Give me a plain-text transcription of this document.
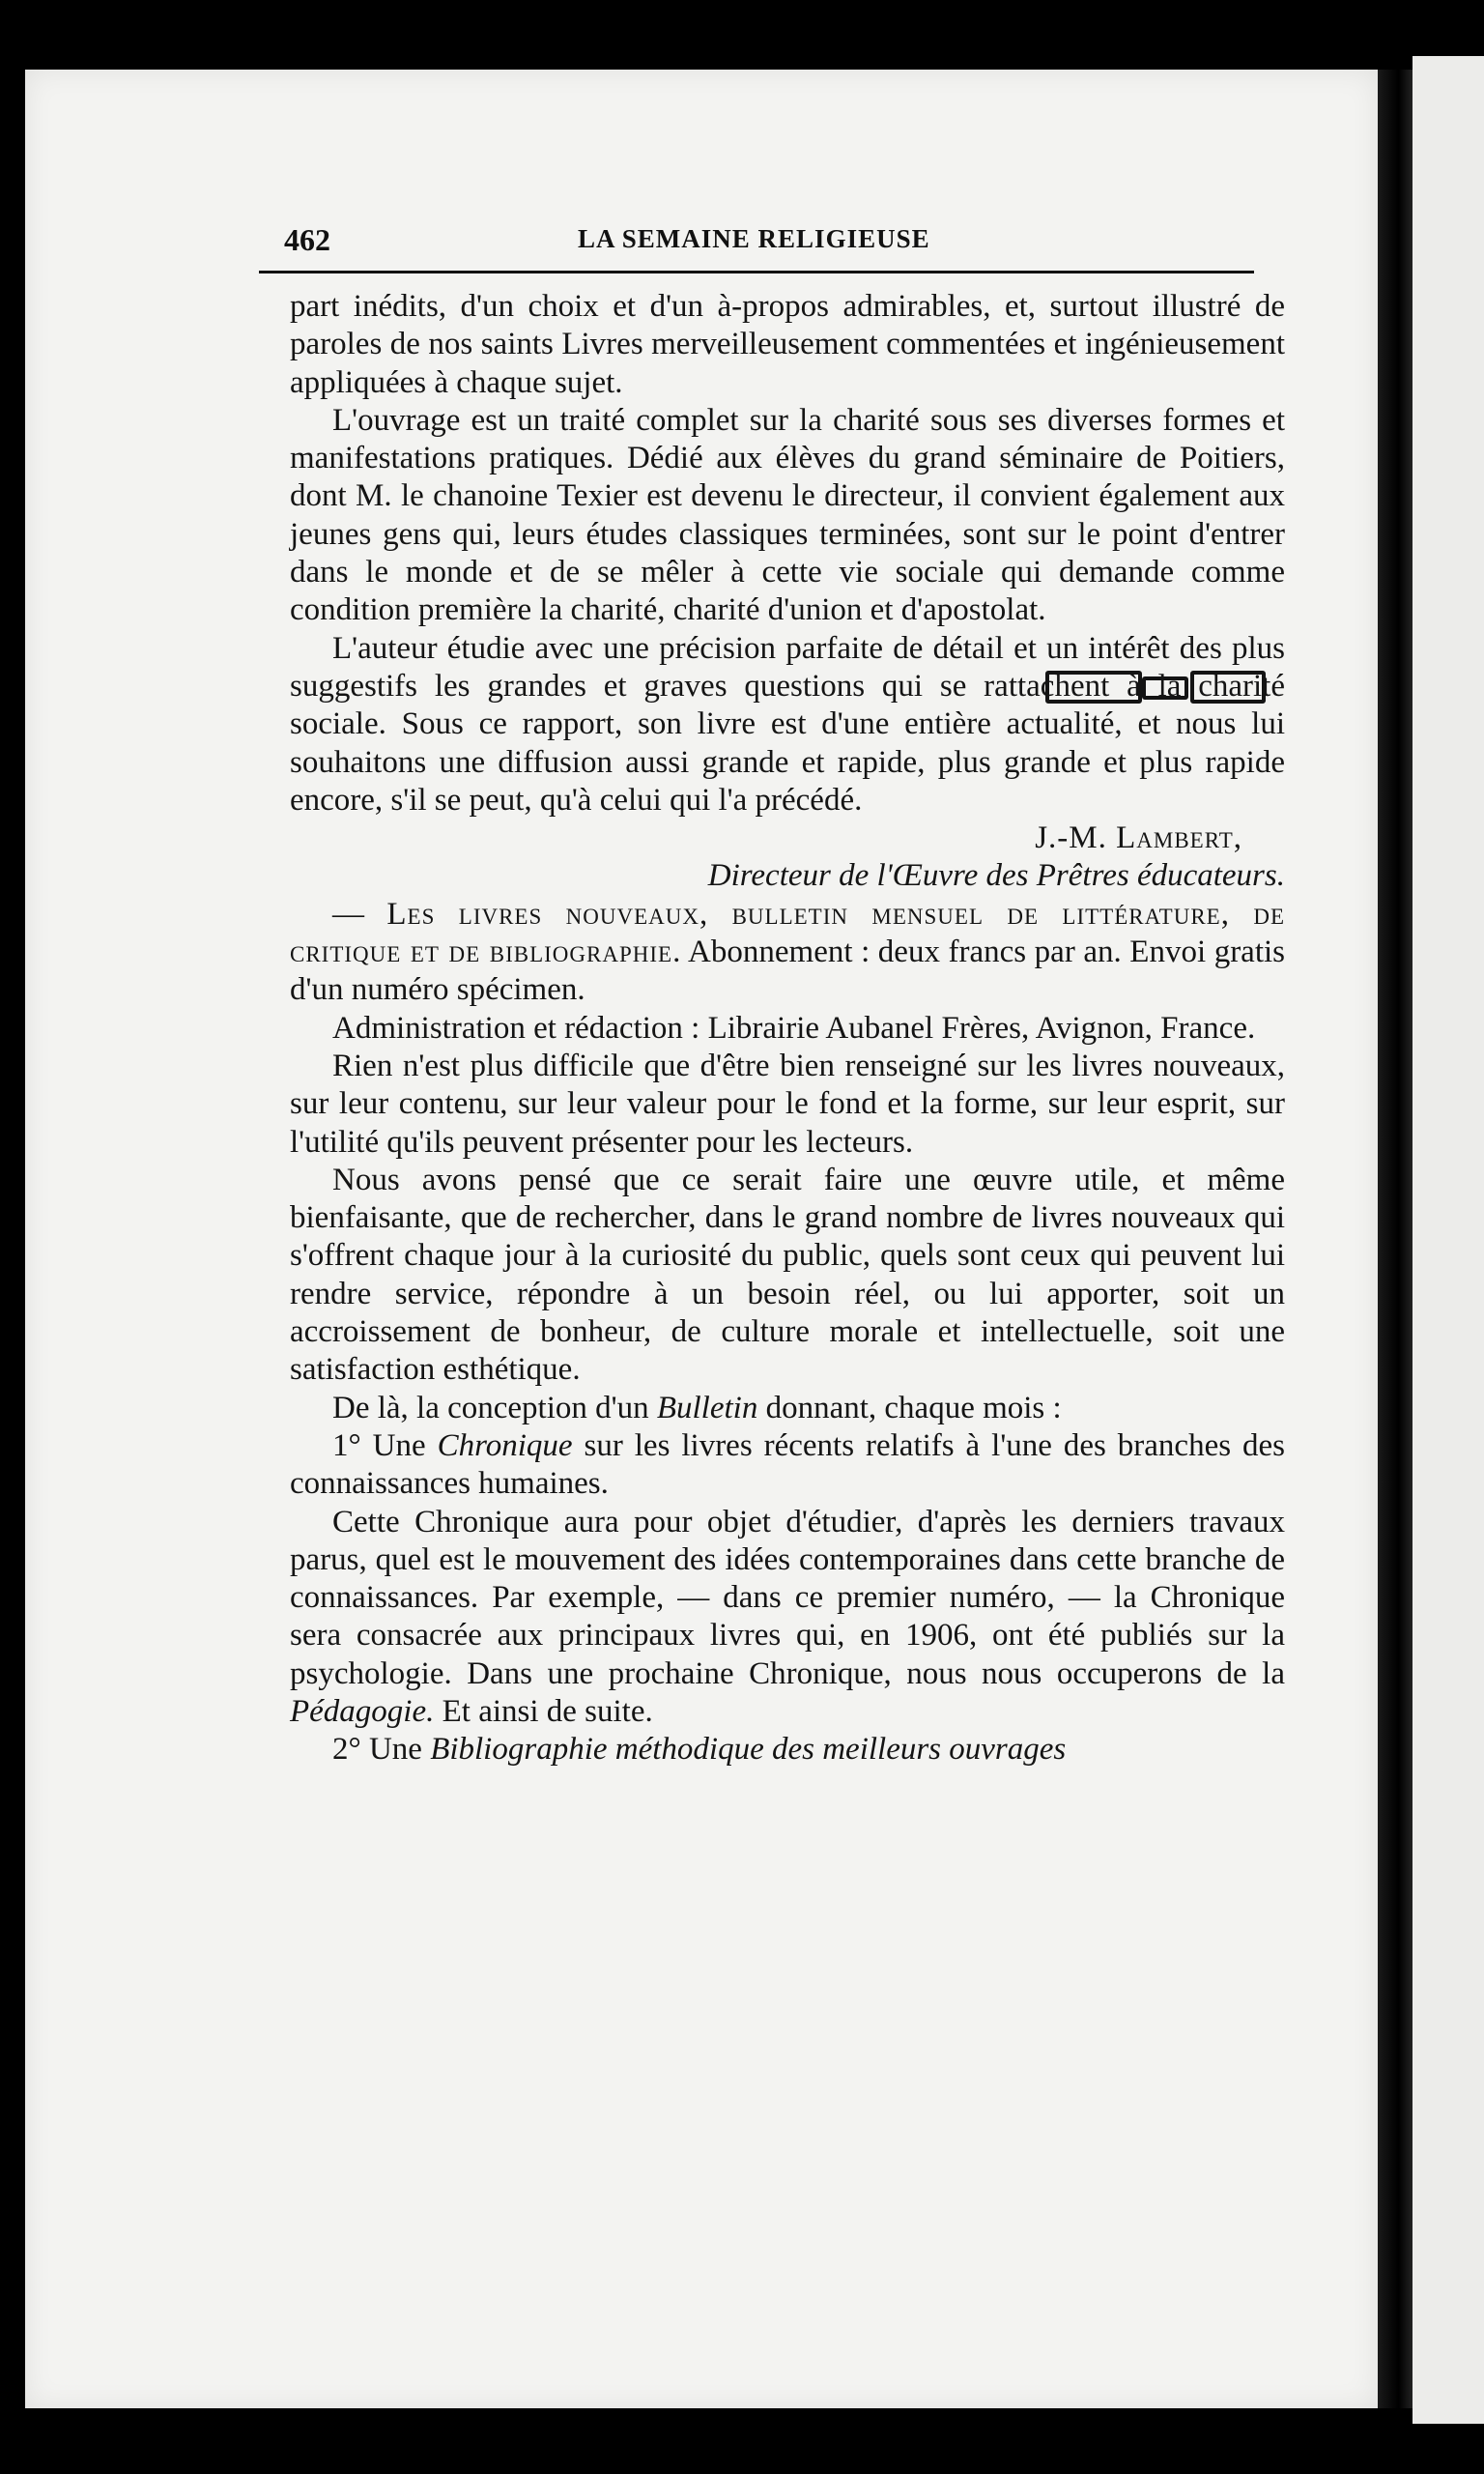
462	LA SEMAINE RELIGIEUSE

part inédits, d'un choix et d'un à-propos admirables, et, surtout illustré de paroles de nos saints Livres merveilleusement commentées et ingénieusement appliquées à chaque sujet.

L'ouvrage est un traité complet sur la charité sous ses diverses formes et manifestations pratiques. Dédié aux élèves du grand séminaire de Poitiers, dont M. le chanoine Texier est devenu le directeur, il convient également aux jeunes gens qui, leurs études classiques terminées, sont sur le point d'entrer dans le monde et de se mêler à cette vie sociale qui demande comme condition première la charité, charité d'union et d'apostolat.

L'auteur étudie avec une précision parfaite de détail et un intérêt des plus suggestifs les grandes et graves questions qui se rattachent à la charité sociale. Sous ce rapport, son livre est d'une entière actualité, et nous lui souhaitons une diffusion aussi grande et rapide, plus grande et plus rapide encore, s'il se peut, qu'à celui qui l'a précédé.

J.-M. Lambert,

Directeur de l'Œuvre des Prêtres éducateurs.

— Les livres nouveaux, bulletin mensuel de littérature, de critique et de bibliographie. Abonnement : deux francs par an. Envoi gratis d'un numéro spécimen.

Administration et rédaction : Librairie Aubanel Frères, Avignon, France.

Rien n'est plus difficile que d'être bien renseigné sur les livres nouveaux, sur leur contenu, sur leur valeur pour le fond et la forme, sur leur esprit, sur l'utilité qu'ils peuvent présenter pour les lecteurs.

Nous avons pensé que ce serait faire une œuvre utile, et même bienfaisante, que de rechercher, dans le grand nombre de livres nouveaux qui s'offrent chaque jour à la curiosité du public, quels sont ceux qui peuvent lui rendre service, répondre à un besoin réel, ou lui apporter, soit un accroissement de bonheur, de culture morale et intellectuelle, soit une satisfaction esthétique.

De là, la conception d'un Bulletin donnant, chaque mois :

1° Une Chronique sur les livres récents relatifs à l'une des branches des connaissances humaines.

Cette Chronique aura pour objet d'étudier, d'après les derniers travaux parus, quel est le mouvement des idées contemporaines dans cette branche de connaissances. Par exemple, — dans ce premier numéro, — la Chronique sera consacrée aux principaux livres qui, en 1906, ont été publiés sur la psychologie. Dans une prochaine Chronique, nous nous occuperons de la Pédagogie. Et ainsi de suite.

2° Une Bibliographie méthodique des meilleurs ouvrages
